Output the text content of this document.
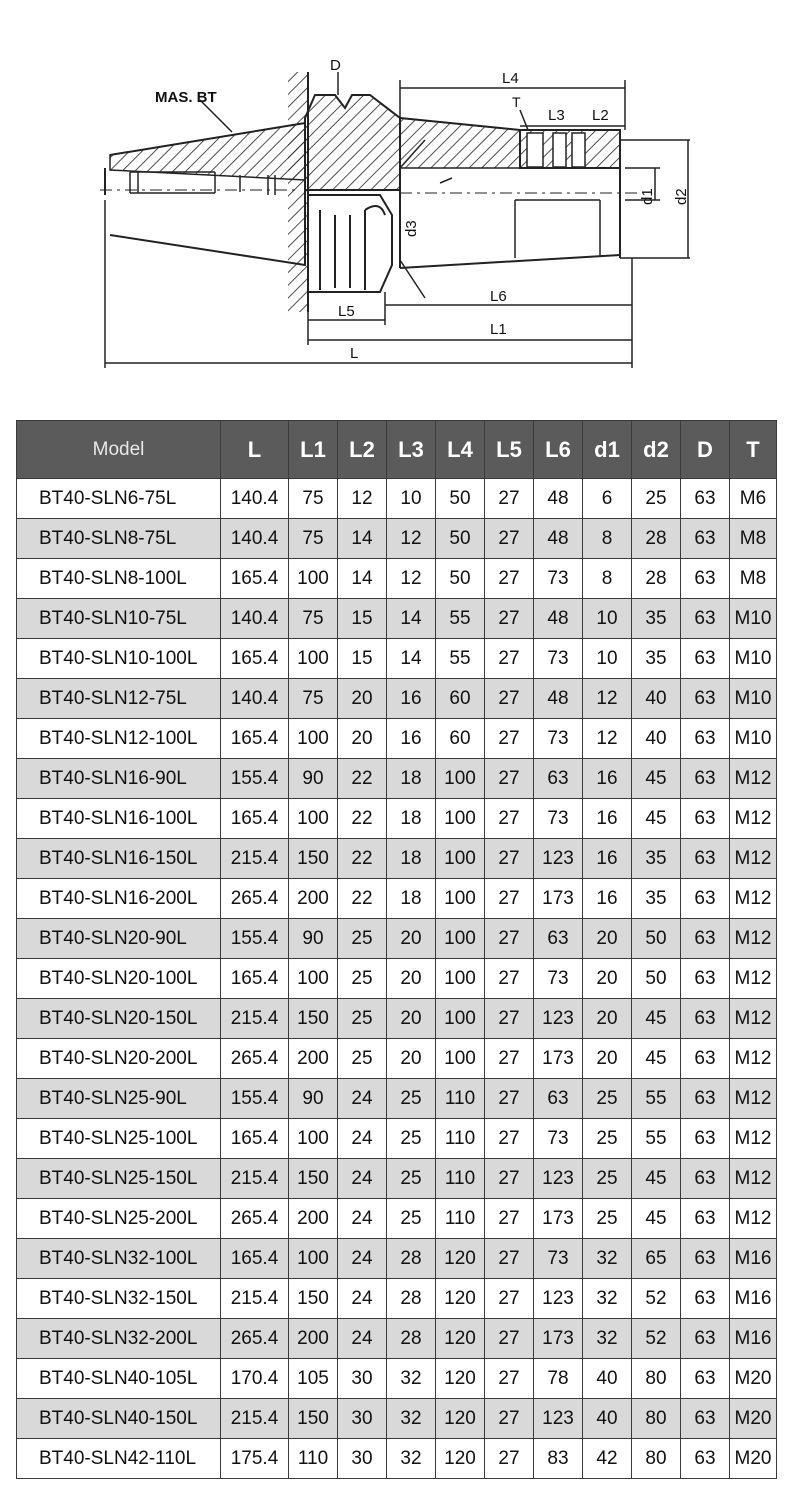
MAS. BT
D
L4
T
L3 L2
d1 d2
d3
L5
L6
L1
L
Model	L	L1	L2	L3	L4	L5	L6	d1	d2	D	T
BT40-SLN6-75L	140.4	75	12	10	50	27	48	6	25	63	M6
BT40-SLN8-75L	140.4	75	14	12	50	27	48	8	28	63	M8
BT40-SLN8-100L	165.4	100	14	12	50	27	73	8	28	63	M8
BT40-SLN10-75L	140.4	75	15	14	55	27	48	10	35	63	M10
BT40-SLN10-100L	165.4	100	15	14	55	27	73	10	35	63	M10
BT40-SLN12-75L	140.4	75	20	16	60	27	48	12	40	63	M10
BT40-SLN12-100L	165.4	100	20	16	60	27	73	12	40	63	M10
BT40-SLN16-90L	155.4	90	22	18	100	27	63	16	45	63	M12
BT40-SLN16-100L	165.4	100	22	18	100	27	73	16	45	63	M12
BT40-SLN16-150L	215.4	150	22	18	100	27	123	16	35	63	M12
BT40-SLN16-200L	265.4	200	22	18	100	27	173	16	35	63	M12
BT40-SLN20-90L	155.4	90	25	20	100	27	63	20	50	63	M12
BT40-SLN20-100L	165.4	100	25	20	100	27	73	20	50	63	M12
BT40-SLN20-150L	215.4	150	25	20	100	27	123	20	45	63	M12
BT40-SLN20-200L	265.4	200	25	20	100	27	173	20	45	63	M12
BT40-SLN25-90L	155.4	90	24	25	110	27	63	25	55	63	M12
BT40-SLN25-100L	165.4	100	24	25	110	27	73	25	55	63	M12
BT40-SLN25-150L	215.4	150	24	25	110	27	123	25	45	63	M12
BT40-SLN25-200L	265.4	200	24	25	110	27	173	25	45	63	M12
BT40-SLN32-100L	165.4	100	24	28	120	27	73	32	65	63	M16
BT40-SLN32-150L	215.4	150	24	28	120	27	123	32	52	63	M16
BT40-SLN32-200L	265.4	200	24	28	120	27	173	32	52	63	M16
BT40-SLN40-105L	170.4	105	30	32	120	27	78	40	80	63	M20
BT40-SLN40-150L	215.4	150	30	32	120	27	123	40	80	63	M20
BT40-SLN42-110L	175.4	110	30	32	120	27	83	42	80	63	M20
